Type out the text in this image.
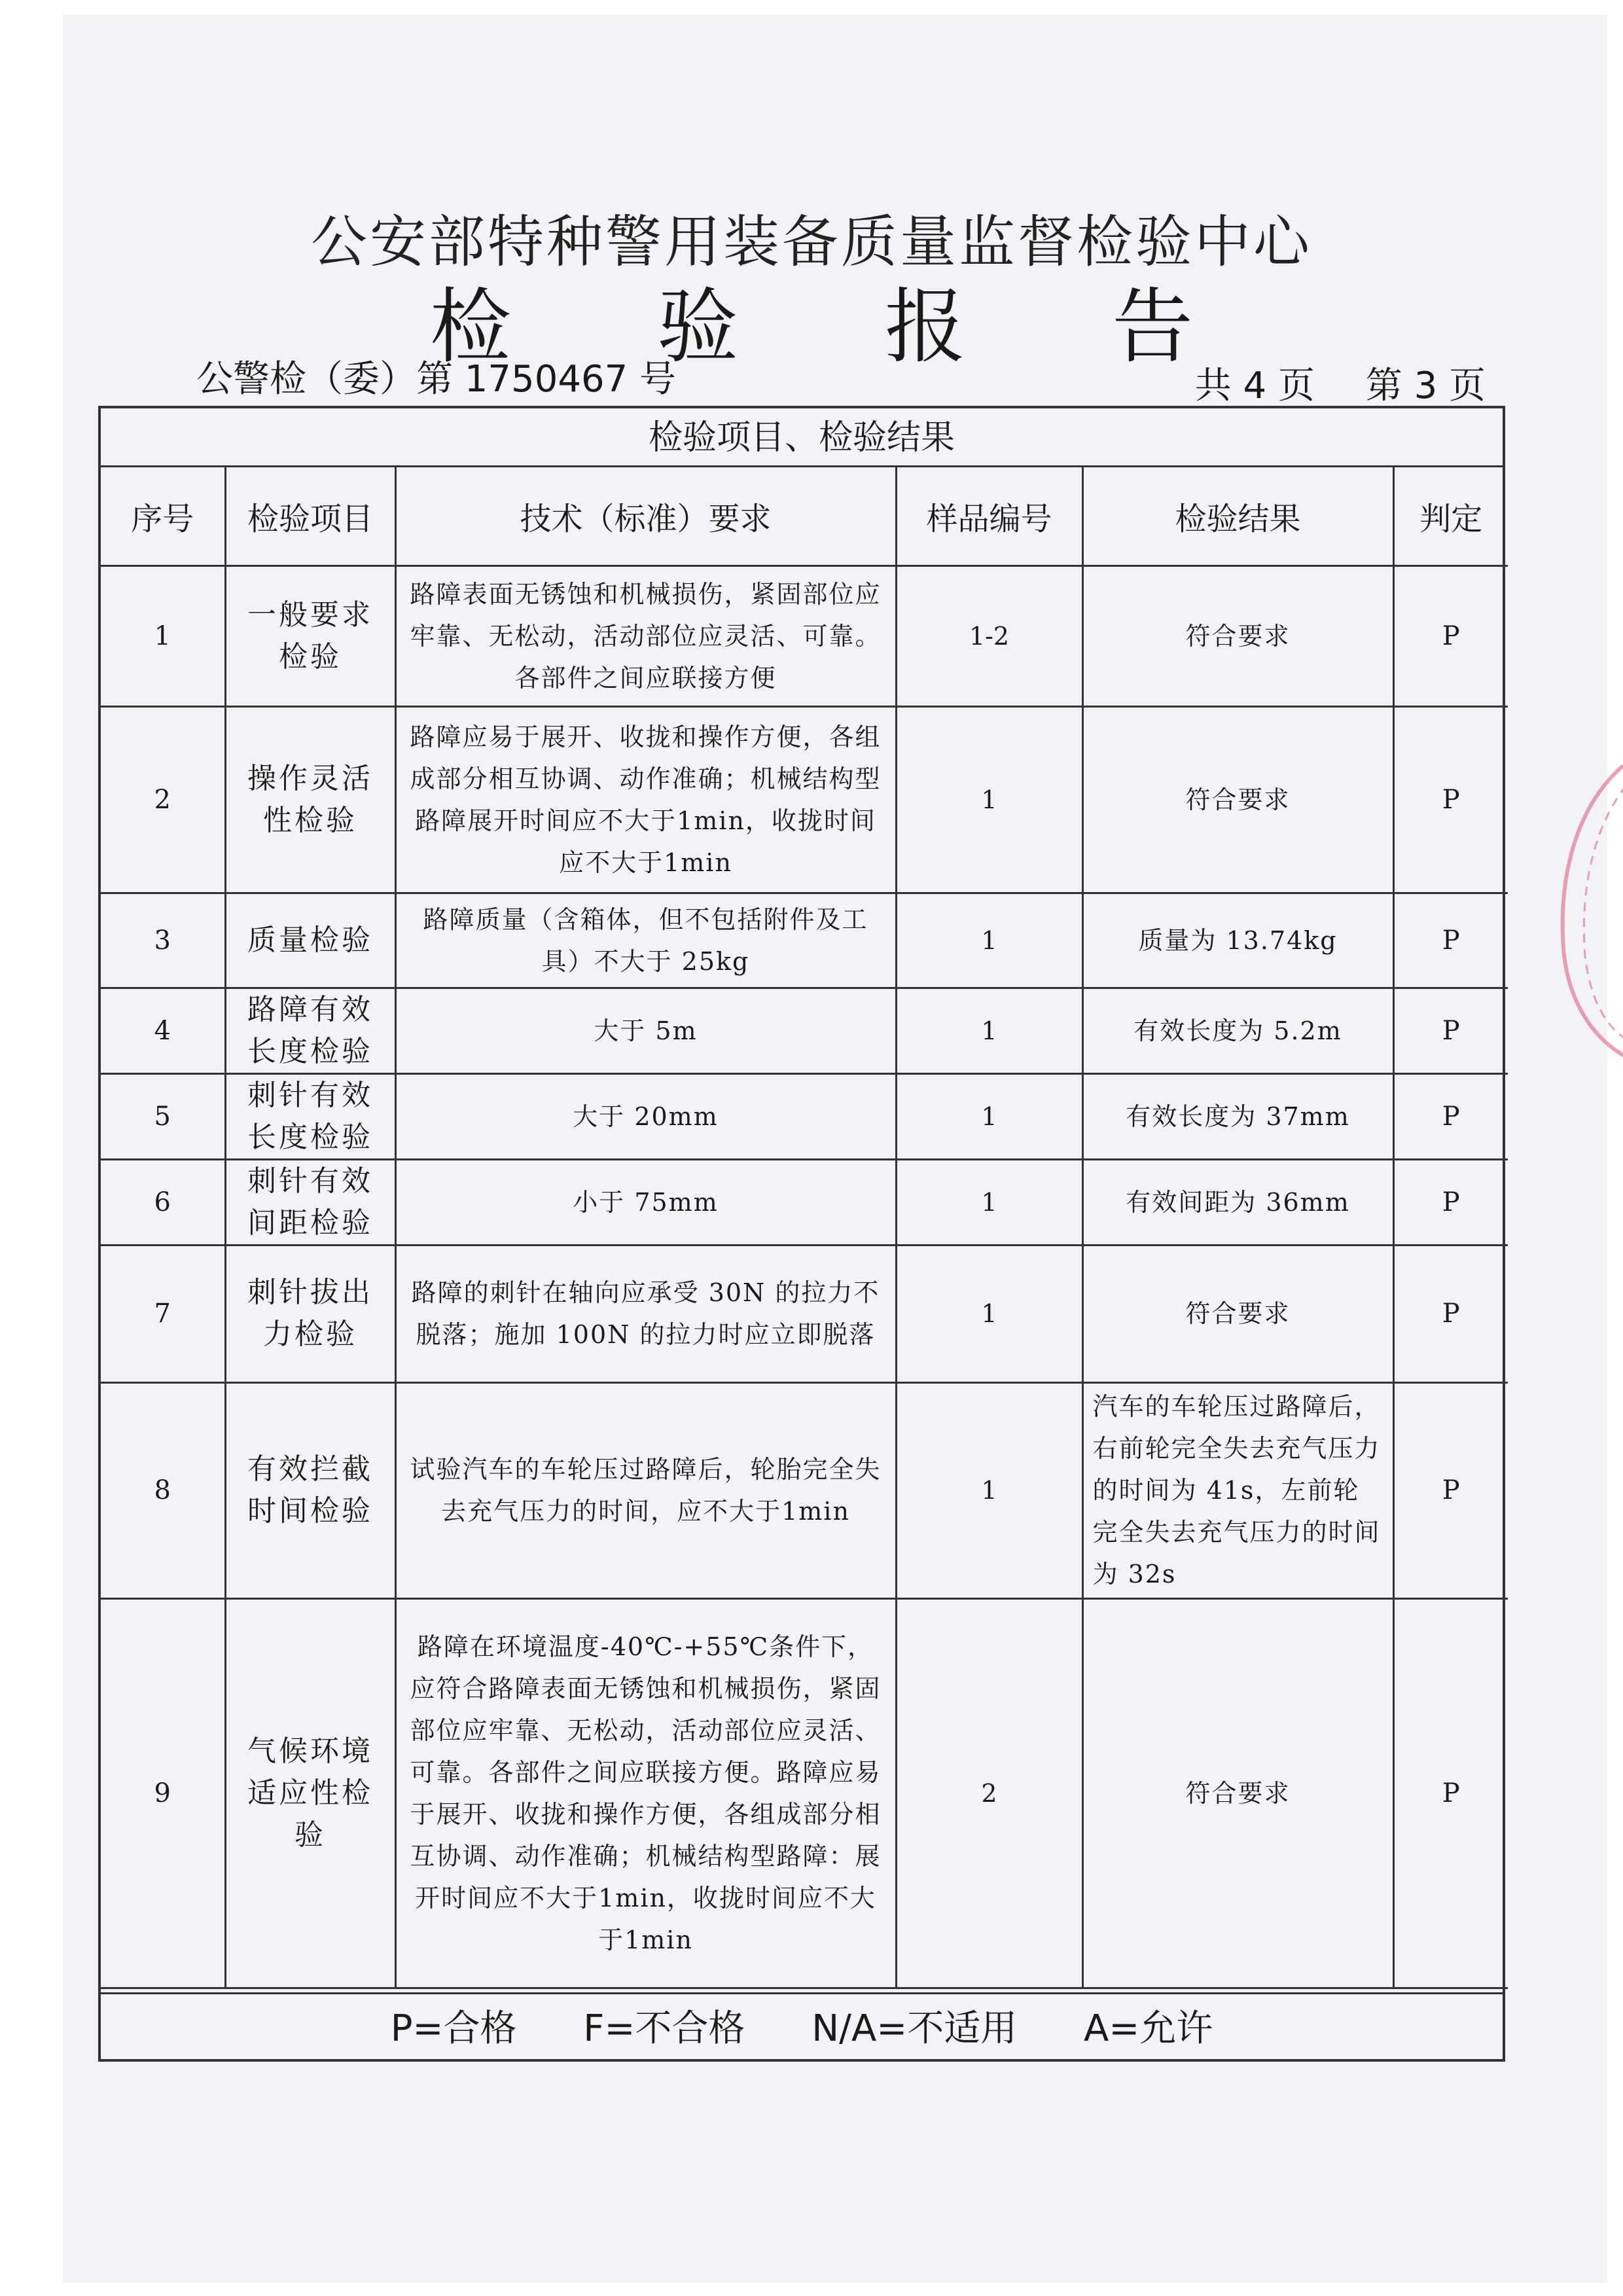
公安部特种警用装备质量监督检验中心
检 验 报 告
公警检（委）第 1750467 号	共 4 页 第 3 页
检验项目、检验结果
序号	检验项目	技术（标准）要求	样品编号	检验结果	判定
1	一般要求检验	路障表面无锈蚀和机械损伤，紧固部位应牢靠、无松动，活动部位应灵活、可靠。各部件之间应联接方便	1-2	符合要求	P
2	操作灵活性检验	路障应易于展开、收拢和操作方便，各组成部分相互协调、动作准确；机械结构型路障展开时间应不大于1min，收拢时间应不大于1min	1	符合要求	P
3	质量检验	路障质量（含箱体，但不包括附件及工具）不大于 25kg	1	质量为 13.74kg	P
4	路障有效长度检验	大于 5m	1	有效长度为 5.2m	P
5	刺针有效长度检验	大于 20mm	1	有效长度为 37mm	P
6	刺针有效间距检验	小于 75mm	1	有效间距为 36mm	P
7	刺针拔出力检验	路障的刺针在轴向应承受 30N 的拉力不脱落；施加 100N 的拉力时应立即脱落	1	符合要求	P
8	有效拦截时间检验	试验汽车的车轮压过路障后，轮胎完全失去充气压力的时间，应不大于1min	1	汽车的车轮压过路障后，右前轮完全失去充气压力的时间为 41s，左前轮完全失去充气压力的时间为 32s	P
9	气候环境适应性检验	路障在环境温度-40℃-+55℃条件下，应符合路障表面无锈蚀和机械损伤，紧固部位应牢靠、无松动，活动部位应灵活、可靠。各部件之间应联接方便。路障应易于展开、收拢和操作方便，各组成部分相互协调、动作准确；机械结构型路障：展开时间应不大于1min，收拢时间应不大于1min	2	符合要求	P
P=合格 F=不合格 N/A=不适用 A=允许
